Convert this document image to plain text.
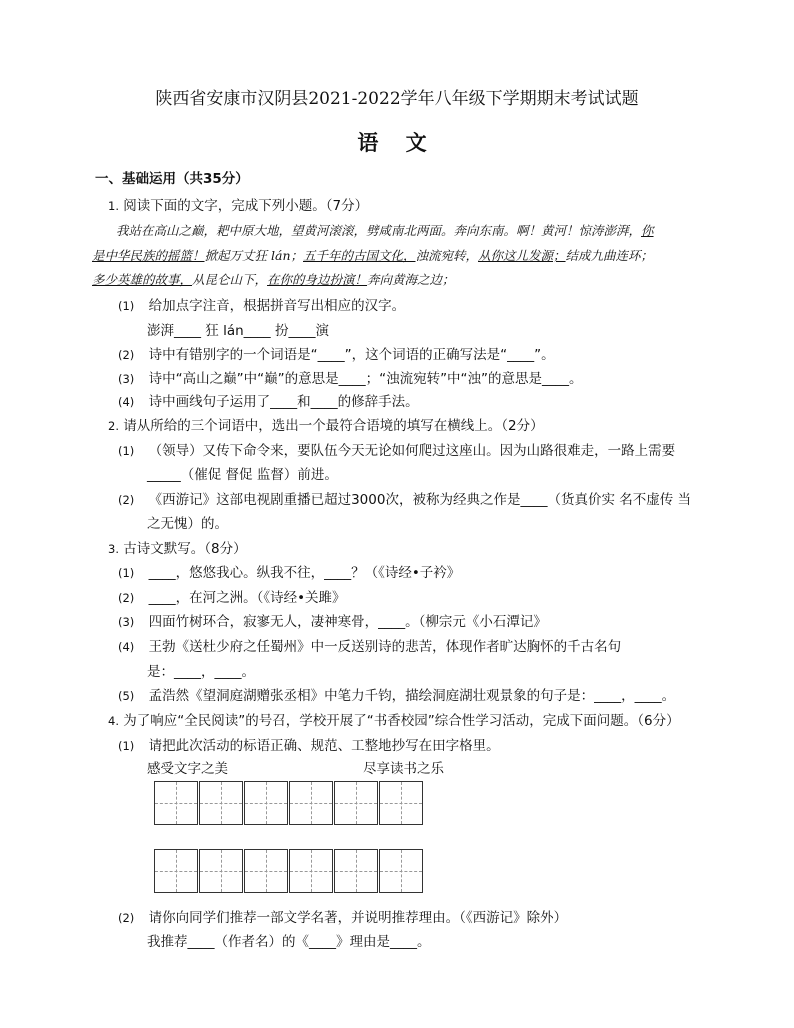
陕西省安康市汉阴县2021-2022学年八年级下学期期末考试试题
语 文
一、基础运用（共35分）
1. 阅读下面的文字，完成下列小题。（7分）
我站在高山之巅，耙中原大地，望黄河滚滚，劈咸南北两面。奔向东南。啊！黄河！惊涛澎湃，你
是中华民族的摇篮！掀起万丈狂 lán；五千年的古国文化，浊流宛转，从你这儿发源；结成九曲连环；
多少英雄的故事，从昆仑山下，在你的身边扮演！奔向黄海之边；
(1) 给加点字注音，根据拼音写出相应的汉字。
澎湃____ 狂 lán____ 扮____演
(2) 诗中有错别字的一个词语是“____”，这个词语的正确写法是“____”。
(3) 诗中“高山之巅”中“巅”的意思是____；“浊流宛转”中“浊”的意思是____。
(4) 诗中画线句子运用了____和____的修辞手法。
2. 请从所给的三个词语中，选出一个最符合语境的填写在横线上。（2分）
(1) （领导）又传下命令来，要队伍今天无论如何爬过这座山。因为山路很难走，一路上需要
_____（催促 督促 监督）前进。
(2) 《西游记》这部电视剧重播已超过3000次，被称为经典之作是____（货真价实 名不虚传 当
之无愧）的。
3. 古诗文默写。（8分）
(1) ____，悠悠我心。纵我不往，____？（《诗经•子衿》
(2) ____，在河之洲。（《诗经•关雎》
(3) 四面竹树环合，寂寥无人，凄神寒骨，____。（柳宗元《小石潭记》
(4) 王勃《送杜少府之任蜀州》中一反送别诗的悲苦，体现作者旷达胸怀的千古名句
是：____，____。
(5) 孟浩然《望洞庭湖赠张丞相》中笔力千钧，描绘洞庭湖壮观景象的句子是：____，____。
4. 为了响应“全民阅读”的号召，学校开展了“书香校园”综合性学习活动，完成下面问题。（6分）
(1) 请把此次活动的标语正确、规范、工整地抄写在田字格里。
感受文字之美	尽享读书之乐
(2) 请你向同学们推荐一部文学名著，并说明推荐理由。（《西游记》除外）
我推荐____（作者名）的《____》理由是____。
